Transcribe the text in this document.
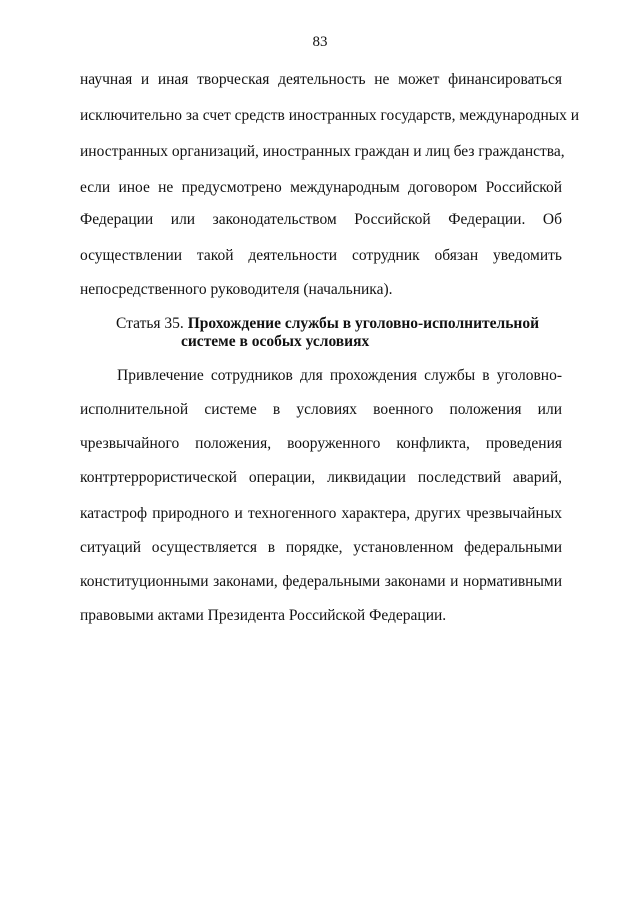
83
научная и иная творческая деятельность не может финансироваться
исключительно за счет средств иностранных государств, международных и
иностранных организаций, иностранных граждан и лиц без гражданства,
если иное не предусмотрено международным договором Российской
Федерации или законодательством Российской Федерации. Об
осуществлении такой деятельности сотрудник обязан уведомить
непосредственного руководителя (начальника).
Статья 35. Прохождение службы в уголовно-исполнительной
системе в особых условиях
Привлечение сотрудников для прохождения службы в уголовно-
исполнительной системе в условиях военного положения или
чрезвычайного положения, вооруженного конфликта, проведения
контртеррористической операции, ликвидации последствий аварий,
катастроф природного и техногенного характера, других чрезвычайных
ситуаций осуществляется в порядке, установленном федеральными
конституционными законами, федеральными законами и нормативными
правовыми актами Президента Российской Федерации.
